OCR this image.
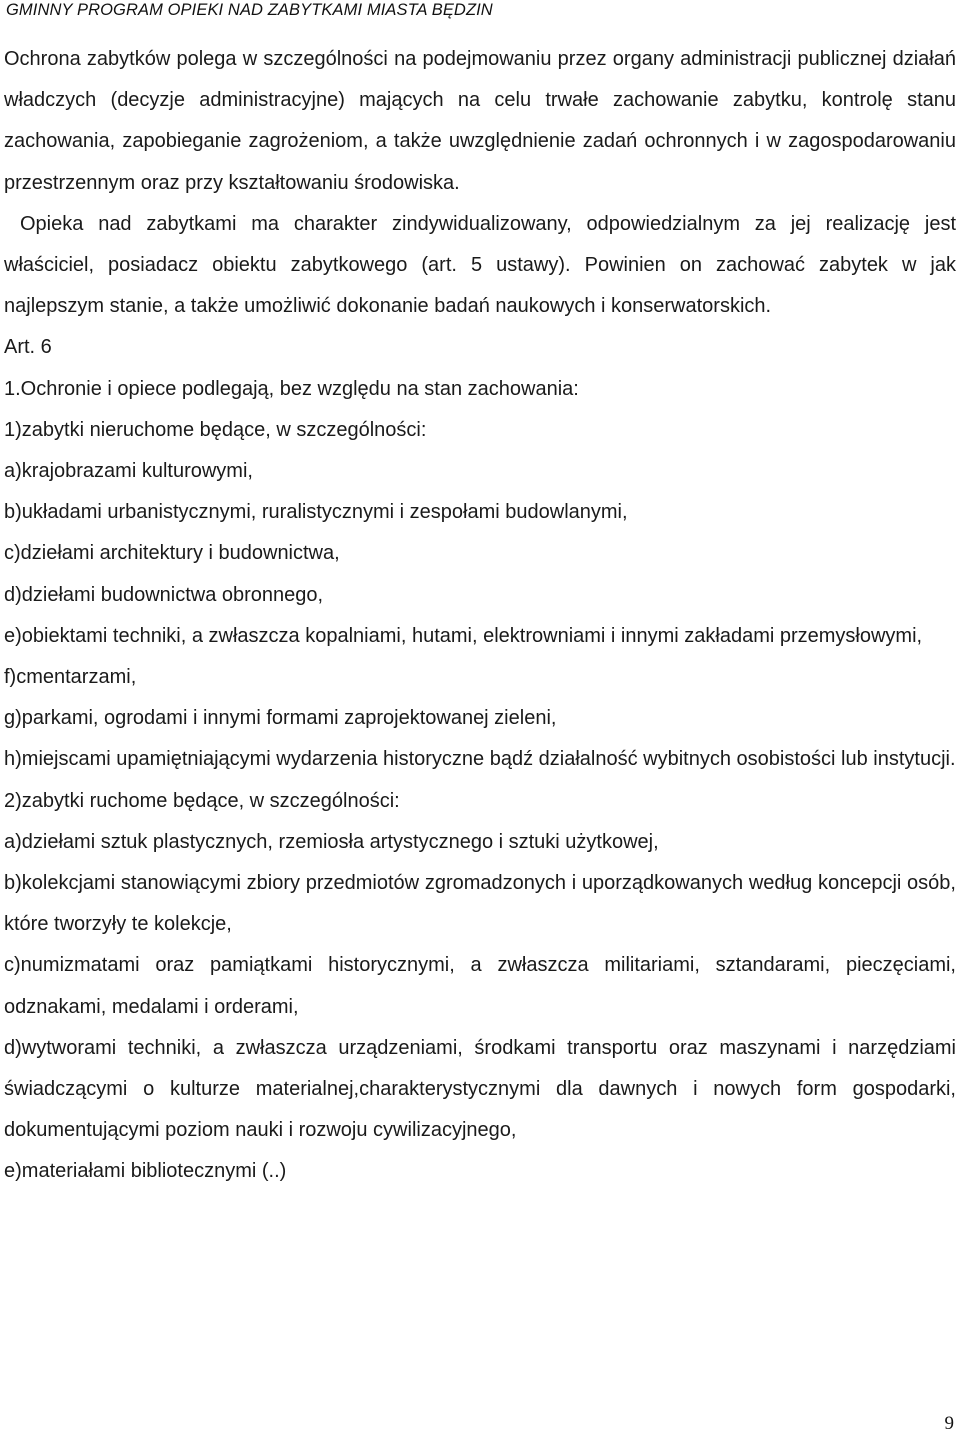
GMINNY PROGRAM OPIEKI NAD ZABYTKAMI MIASTA BĘDZIN

Ochrona zabytków polega w szczególności na podejmowaniu przez organy administracji publicznej działań władczych (decyzje administracyjne) mających na celu trwałe zachowanie zabytku, kontrolę stanu zachowania, zapobieganie zagrożeniom, a także uwzględnienie zadań ochronnych i w zagospodarowaniu przestrzennym oraz przy kształtowaniu środowiska.

Opieka nad zabytkami ma charakter zindywidualizowany, odpowiedzialnym za jej realizację jest właściciel, posiadacz obiektu zabytkowego (art. 5 ustawy). Powinien on zachować zabytek w jak najlepszym stanie, a także umożliwić dokonanie badań naukowych i konserwatorskich.

Art. 6

1.Ochronie i opiece podlegają, bez względu na stan zachowania:

1)zabytki nieruchome będące, w szczególności:

a)krajobrazami kulturowymi,

b)układami urbanistycznymi, ruralistycznymi i zespołami budowlanymi,

c)dziełami architektury i budownictwa,

d)dziełami budownictwa obronnego,

e)obiektami techniki, a zwłaszcza kopalniami, hutami, elektrowniami i innymi zakładami przemysłowymi,

f)cmentarzami,

g)parkami, ogrodami i innymi formami zaprojektowanej zieleni,

h)miejscami upamiętniającymi wydarzenia historyczne bądź działalność wybitnych osobistości lub instytucji.

2)zabytki ruchome będące, w szczególności:

a)dziełami sztuk plastycznych, rzemiosła artystycznego i sztuki użytkowej,

b)kolekcjami stanowiącymi zbiory przedmiotów zgromadzonych i uporządkowanych według koncepcji osób, które tworzyły te kolekcje,

c)numizmatami oraz pamiątkami historycznymi, a zwłaszcza militariami, sztandarami, pieczęciami, odznakami, medalami i orderami,

d)wytworami techniki, a zwłaszcza urządzeniami, środkami transportu oraz maszynami i narzędziami świadczącymi o kulturze materialnej,charakterystycznymi dla dawnych i nowych form gospodarki, dokumentującymi poziom nauki i rozwoju cywilizacyjnego,

e)materiałami bibliotecznymi (..)

9
